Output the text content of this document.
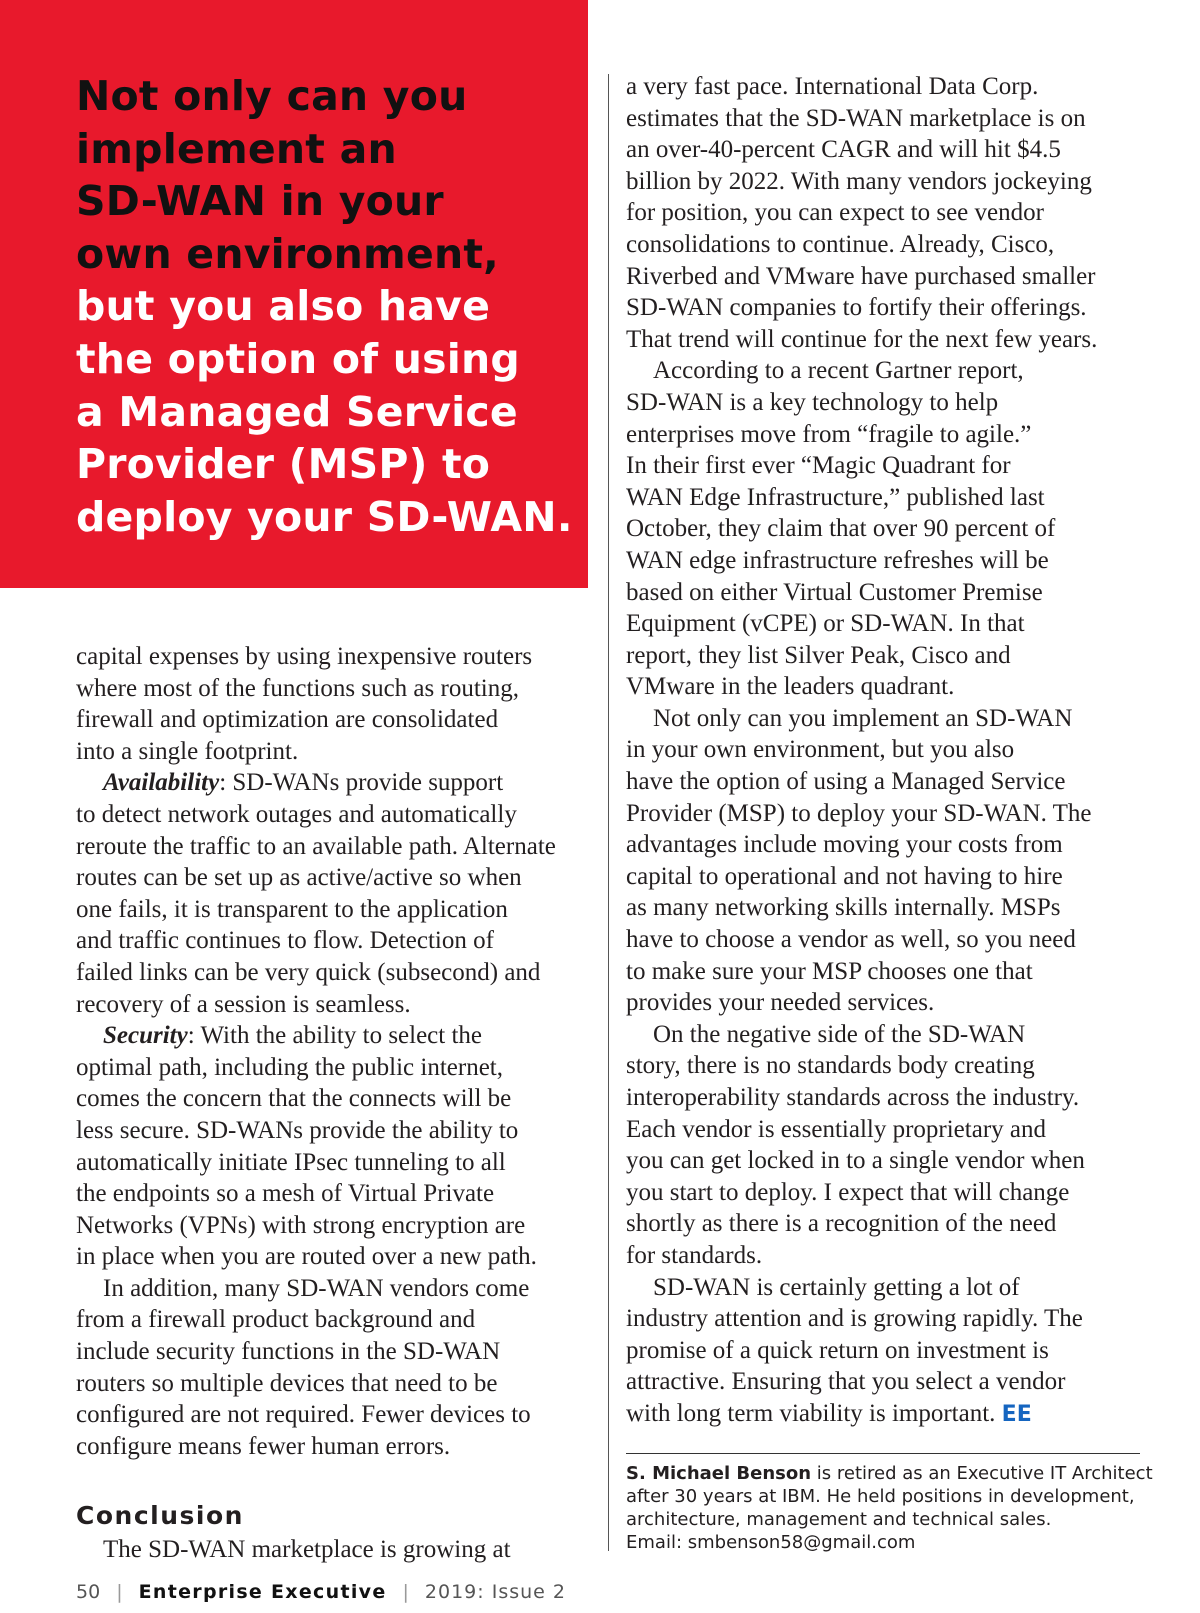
Not only can you
implement an
SD-WAN in your
own environment,
but you also have
the option of using
a Managed Service
Provider (MSP) to
deploy your SD-WAN.

capital expenses by using inexpensive routers

where most of the functions such as routing,

firewall and optimization are consolidated

into a single footprint.

Availability: SD-WANs provide support

to detect network outages and automatically

reroute the traffic to an available path. Alternate

routes can be set up as active/active so when

one fails, it is transparent to the application

and traffic continues to flow. Detection of

failed links can be very quick (subsecond) and

recovery of a session is seamless.

Security: With the ability to select the

optimal path, including the public internet,

comes the concern that the connects will be

less secure. SD-WANs provide the ability to

automatically initiate IPsec tunneling to all

the endpoints so a mesh of Virtual Private

Networks (VPNs) with strong encryption are

in place when you are routed over a new path.

In addition, many SD-WAN vendors come

from a firewall product background and

include security functions in the SD-WAN

routers so multiple devices that need to be

configured are not required. Fewer devices to

configure means fewer human errors.

Conclusion

The SD-WAN marketplace is growing at

a very fast pace. International Data Corp.

estimates that the SD-WAN marketplace is on

an over-40-percent CAGR and will hit $4.5

billion by 2022. With many vendors jockeying

for position, you can expect to see vendor

consolidations to continue. Already, Cisco,

Riverbed and VMware have purchased smaller

SD-WAN companies to fortify their offerings.

That trend will continue for the next few years.

According to a recent Gartner report,

SD-WAN is a key technology to help

enterprises move from “fragile to agile.”

In their first ever “Magic Quadrant for

WAN Edge Infrastructure,” published last

October, they claim that over 90 percent of

WAN edge infrastructure refreshes will be

based on either Virtual Customer Premise

Equipment (vCPE) or SD-WAN. In that

report, they list Silver Peak, Cisco and

VMware in the leaders quadrant.

Not only can you implement an SD-WAN

in your own environment, but you also

have the option of using a Managed Service

Provider (MSP) to deploy your SD-WAN. The

advantages include moving your costs from

capital to operational and not having to hire

as many networking skills internally. MSPs

have to choose a vendor as well, so you need

to make sure your MSP chooses one that

provides your needed services.

On the negative side of the SD-WAN

story, there is no standards body creating

interoperability standards across the industry.

Each vendor is essentially proprietary and

you can get locked in to a single vendor when

you start to deploy. I expect that will change

shortly as there is a recognition of the need

for standards.

SD-WAN is certainly getting a lot of

industry attention and is growing rapidly. The

promise of a quick return on investment is

attractive. Ensuring that you select a vendor

with long term viability is important. EE

S. Michael Benson is retired as an Executive IT Architect
after 30 years at IBM. He held positions in development,
architecture, management and technical sales.
Email: smbenson58@gmail.com
50 | Enterprise Executive | 2019: Issue 2
